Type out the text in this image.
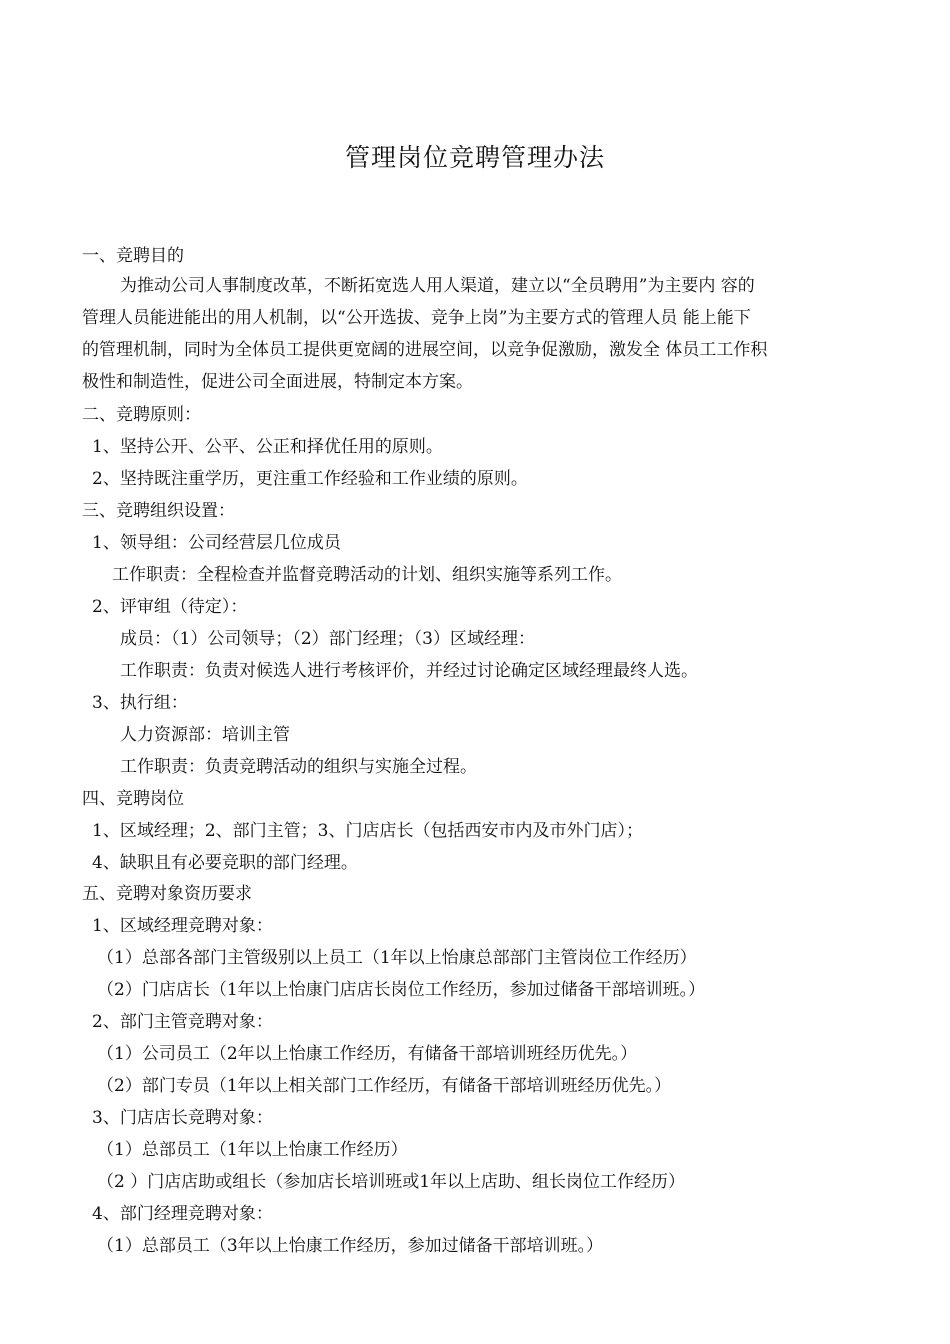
管理岗位竞聘管理办法
一、竞聘目的
为推动公司人事制度改革，不断拓宽选人用人渠道，建立以“全员聘用”为主要内 容的
管理人员能进能出的用人机制，以“公开选拔、竞争上岗”为主要方式的管理人员 能上能下
的管理机制，同时为全体员工提供更宽阔的进展空间，以竞争促激励，激发全 体员工工作积
极性和制造性，促进公司全面进展，特制定本方案。
二、竞聘原则：
1、坚持公开、公平、公正和择优任用的原则。
2、坚持既注重学历，更注重工作经验和工作业绩的原则。
三、竞聘组织设置：
1、领导组：公司经营层几位成员
工作职责：全程检查并监督竞聘活动的计划、组织实施等系列工作。
2、评审组（待定）：
成员：（1）公司领导；（2）部门经理；（3）区域经理：
工作职责：负责对候选人进行考核评价，并经过讨论确定区域经理最终人选。
3、执行组：
人力资源部：培训主管
工作职责：负责竞聘活动的组织与实施全过程。
四、竞聘岗位
1、区域经理；2、部门主管；3、门店店长（包括西安市内及市外门店）；
4、缺职且有必要竞职的部门经理。
五、竞聘对象资历要求
1、区域经理竞聘对象：
（1）总部各部门主管级别以上员工（1年以上怡康总部部门主管岗位工作经历）
（2）门店店长（1年以上怡康门店店长岗位工作经历，参加过储备干部培训班。）
2、部门主管竞聘对象：
（1）公司员工（2年以上怡康工作经历，有储备干部培训班经历优先。）
（2）部门专员（1年以上相关部门工作经历，有储备干部培训班经历优先。）
3、门店店长竞聘对象：
（1）总部员工（1年以上怡康工作经历）
（2 ）门店店助或组长（参加店长培训班或1年以上店助、组长岗位工作经历）
4、部门经理竞聘对象：
（1）总部员工（3年以上怡康工作经历，参加过储备干部培训班。）
